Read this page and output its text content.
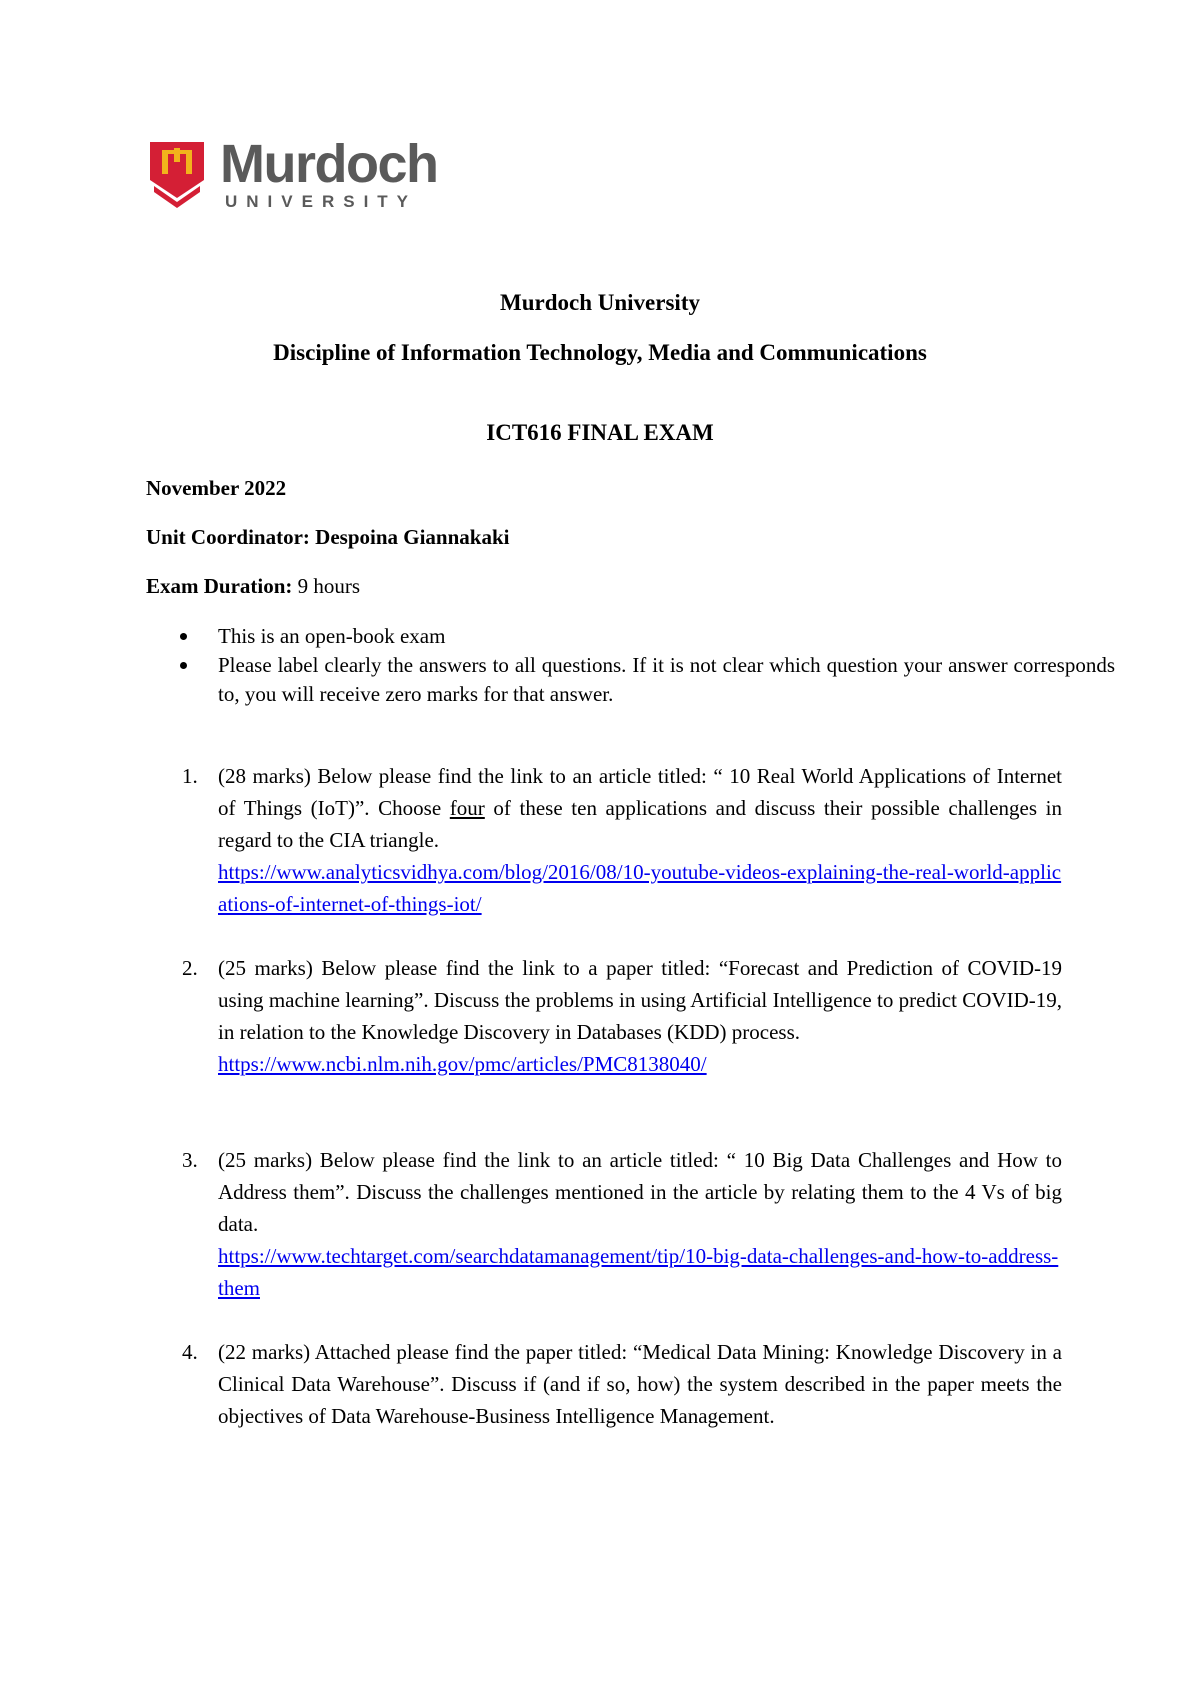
Murdoch
UNIVERSITY
Murdoch University
Discipline of Information Technology, Media and Communications
ICT616 FINAL EXAM
November 2022
Unit Coordinator: Despoina Giannakaki
Exam Duration: 9 hours
This is an open-book exam
Please label clearly the answers to all questions. If it is not clear which question your answer corresponds to, you will receive zero marks for that answer.
1. (28 marks) Below please find the link to an article titled: “ 10 Real World Applications of Internet of Things (IoT)”. Choose four of these ten applications and discuss their possible challenges in regard to the CIA triangle.
https://www.analyticsvidhya.com/blog/2016/08/10-youtube-videos-explaining-the-real-world-applications-of-internet-of-things-iot/
2. (25 marks) Below please find the link to a paper titled: “Forecast and Prediction of COVID-19 using machine learning”. Discuss the problems in using Artificial Intelligence to predict COVID-19, in relation to the Knowledge Discovery in Databases (KDD) process.
https://www.ncbi.nlm.nih.gov/pmc/articles/PMC8138040/
3. (25 marks) Below please find the link to an article titled: “ 10 Big Data Challenges and How to Address them”. Discuss the challenges mentioned in the article by relating them to the 4 Vs of big data.
https://www.techtarget.com/searchdatamanagement/tip/10-big-data-challenges-and-how-to-address-them
4. (22 marks) Attached please find the paper titled: “Medical Data Mining: Knowledge Discovery in a Clinical Data Warehouse”. Discuss if (and if so, how) the system described in the paper meets the objectives of Data Warehouse-Business Intelligence Management.
